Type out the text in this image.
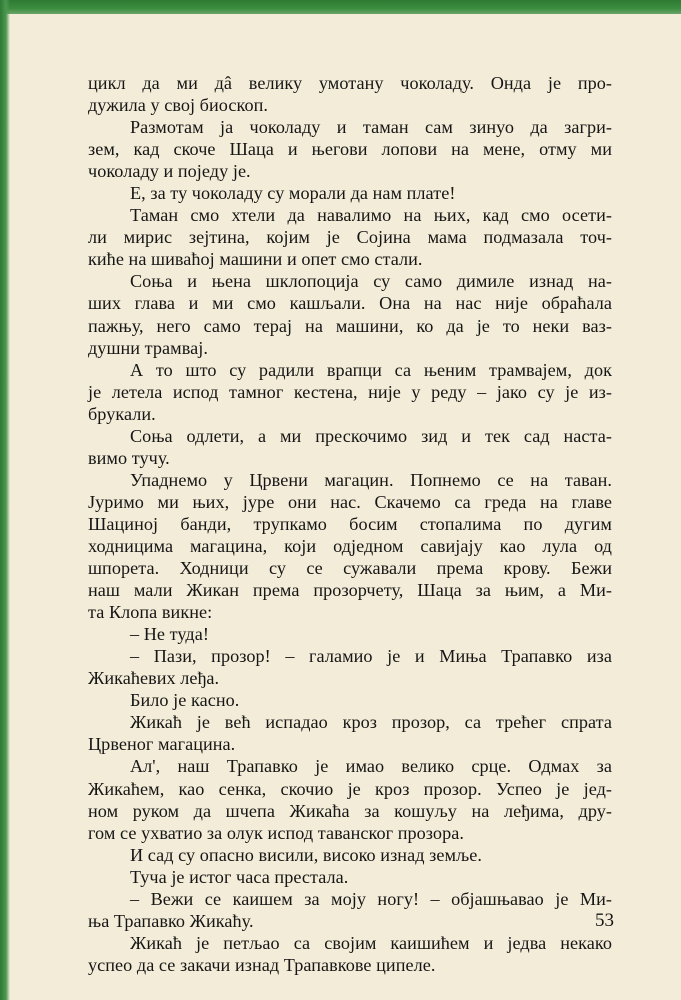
цикл да ми дâ велику умотану чоколаду. Онда је про-
дужила у свој биоскоп.
Размотам ја чоколаду и таман сам зинуо да загри-
зем, кад скоче Шаца и његови лопови на мене, отму ми
чоколаду и поједу је.
Е, за ту чоколаду су морали да нам плате!
Таман смо хтели да навалимо на њих, кад смо осети-
ли мирис зејтина, којим је Сојина мама подмазала точ-
киће на шиваћој машини и опет смо стали.
Соња и њена шклопоција су само димиле изнад на-
ших глава и ми смо кашљали. Она на нас није обраћала
пажњу, него само терај на машини, ко да је то неки ваз-
душни трамвај.
А то што су радили врапци са њеним трамвајем, док
је летела испод тамног кестена, није у реду – јако су је из-
брукали.
Соња одлети, а ми прескочимо зид и тек сад наста-
вимо тучу.
Упаднемо у Црвени магацин. Попнемо се на таван.
Јуримо ми њих, јуре они нас. Скачемо са греда на главе
Шациној банди, трупкамо босим стопалима по дугим
ходницима магацина, који одједном савијају као лула од
шпорета. Ходници су се сужавали према крову. Бежи
наш мали Жикан према прозорчету, Шаца за њим, а Ми-
та Клопа викне:
– Не туда!
– Пази, прозор! – галамио је и Миња Трапавко иза
Жикаћевих леђа.
Било је касно.
Жикаћ је већ испадао кроз прозор, са трећег спрата
Црвеног магацина.
Ал', наш Трапавко је имао велико срце. Одмах за
Жикаћем, као сенка, скочио је кроз прозор. Успео је јед-
ном руком да шчепа Жикаћа за кошуљу на леђима, дру-
гом се ухватио за олук испод таванског прозора.
И сад су опасно висили, високо изнад земље.
Туча је истог часа престала.
– Вежи се каишем за моју ногу! – објашњавао је Ми-
ња Трапавко Жикаћу.
Жикаћ је петљао са својим каишићем и једва некако
успео да се закачи изнад Трапавкове ципеле.
53
